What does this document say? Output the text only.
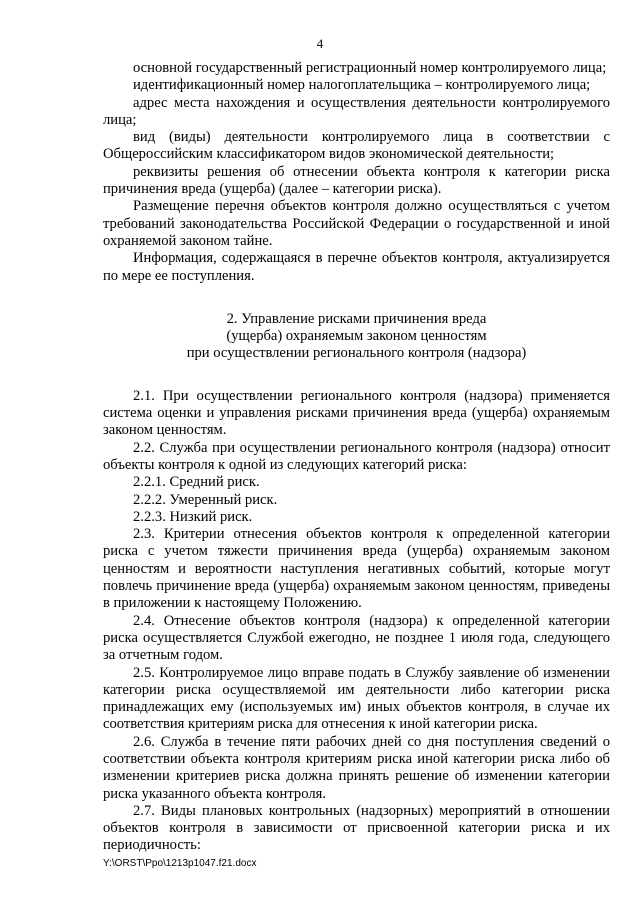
4

основной государственный регистрационный номер контролируемого лица;

идентификационный номер налогоплательщика – контролируемого лица;

адрес места нахождения и осуществления деятельности контролируемого лица;

вид (виды) деятельности контролируемого лица в соответствии с Общероссийским классификатором видов экономической деятельности;

реквизиты решения об отнесении объекта контроля к категории риска причинения вреда (ущерба) (далее – категории риска).

Размещение перечня объектов контроля должно осуществляться с учетом требований законодательства Российской Федерации о государственной и иной охраняемой законом тайне.

Информация, содержащаяся в перечне объектов контроля, актуализируется по мере ее поступления.

2. Управление рисками причинения вреда
(ущерба) охраняемым законом ценностям
при осуществлении регионального контроля (надзора)

2.1. При осуществлении регионального контроля (надзора) применяется система оценки и управления рисками причинения вреда (ущерба) охраняемым законом ценностям.

2.2. Служба при осуществлении регионального контроля (надзора) относит объекты контроля к одной из следующих категорий риска:

2.2.1. Средний риск.

2.2.2. Умеренный риск.

2.2.3. Низкий риск.

2.3. Критерии отнесения объектов контроля к определенной категории риска с учетом тяжести причинения вреда (ущерба) охраняемым законом ценностям и вероятности наступления негативных событий, которые могут повлечь причинение вреда (ущерба) охраняемым законом ценностям, приведены в приложении к настоящему Положению.

2.4. Отнесение объектов контроля (надзора) к определенной категории риска осуществляется Службой ежегодно, не позднее 1 июля года, следующего за отчетным годом.

2.5. Контролируемое лицо вправе подать в Службу заявление об изменении категории риска осуществляемой им деятельности либо категории риска принадлежащих ему (используемых им) иных объектов контроля, в случае их соответствия критериям риска для отнесения к иной категории риска.

2.6. Служба в течение пяти рабочих дней со дня поступления сведений о соответствии объекта контроля критериям риска иной категории риска либо об изменении критериев риска должна принять решение об изменении категории риска указанного объекта контроля.

2.7. Виды плановых контрольных (надзорных) мероприятий в отношении объектов контроля в зависимости от присвоенной категории риска и их периодичность:

Y:\ORST\Ppo\1213p1047.f21.docx
